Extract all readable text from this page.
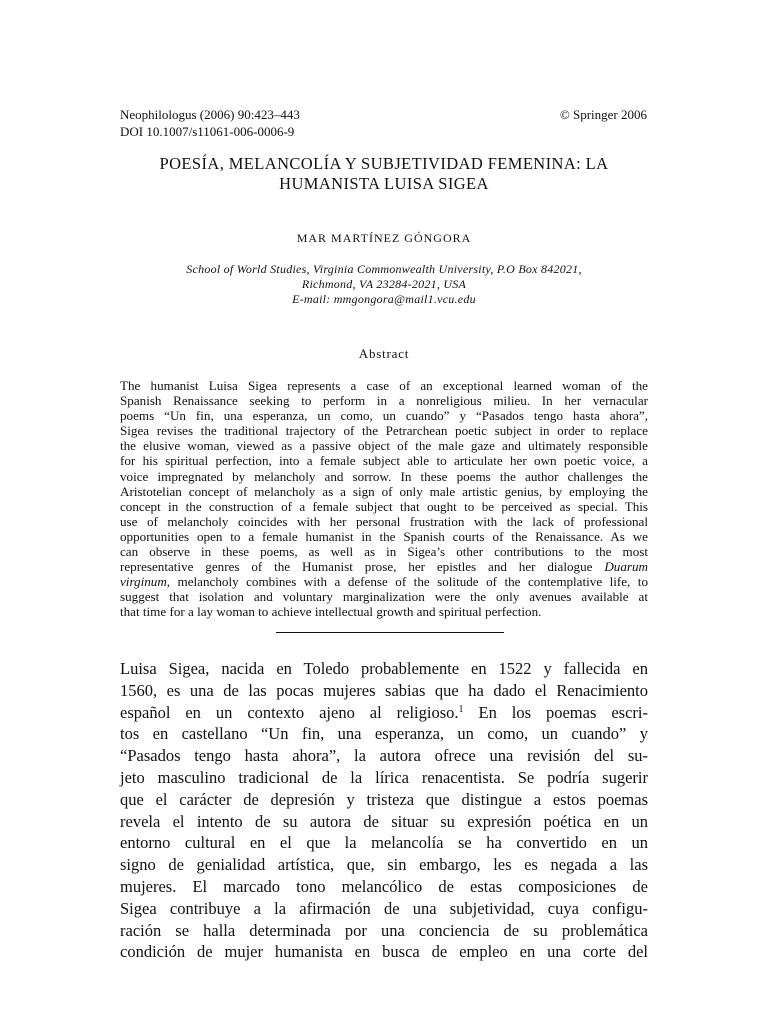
Neophilologus (2006) 90:423–443
DOI 10.1007/s11061-006-0006-9
© Springer 2006
POESÍA, MELANCOLÍA Y SUBJETIVIDAD FEMENINA: LA
HUMANISTA LUISA SIGEA
MAR MARTÍNEZ GÓNGORA
School of World Studies, Virginia Commonwealth University, P.O Box 842021,
Richmond, VA 23284-2021, USA
E-mail: mmgongora@mail1.vcu.edu
Abstract
The humanist Luisa Sigea represents a case of an exceptional learned woman of the
Spanish Renaissance seeking to perform in a nonreligious milieu. In her vernacular
poems “Un fin, una esperanza, un como, un cuando” y “Pasados tengo hasta ahora”,
Sigea revises the traditional trajectory of the Petrarchean poetic subject in order to replace
the elusive woman, viewed as a passive object of the male gaze and ultimately responsible
for his spiritual perfection, into a female subject able to articulate her own poetic voice, a
voice impregnated by melancholy and sorrow. In these poems the author challenges the
Aristotelian concept of melancholy as a sign of only male artistic genius, by employing the
concept in the construction of a female subject that ought to be perceived as special. This
use of melancholy coincides with her personal frustration with the lack of professional
opportunities open to a female humanist in the Spanish courts of the Renaissance. As we
can observe in these poems, as well as in Sigea’s other contributions to the most
representative genres of the Humanist prose, her epistles and her dialogue Duarum
virginum, melancholy combines with a defense of the solitude of the contemplative life, to
suggest that isolation and voluntary marginalization were the only avenues available at
that time for a lay woman to achieve intellectual growth and spiritual perfection.
Luisa Sigea, nacida en Toledo probablemente en 1522 y fallecida en
1560, es una de las pocas mujeres sabias que ha dado el Renacimiento
español en un contexto ajeno al religioso.$^1$ En los poemas escri-
tos en castellano “Un fin, una esperanza, un como, un cuando” y
“Pasados tengo hasta ahora”, la autora ofrece una revisión del su-
jeto masculino tradicional de la lírica renacentista. Se podría sugerir
que el carácter de depresión y tristeza que distingue a estos poemas
revela el intento de su autora de situar su expresión poética en un
entorno cultural en el que la melancolía se ha convertido en un
signo de genialidad artística, que, sin embargo, les es negada a las
mujeres. El marcado tono melancólico de estas composiciones de
Sigea contribuye a la afirmación de una subjetividad, cuya configu-
ración se halla determinada por una conciencia de su problemática
condición de mujer humanista en busca de empleo en una corte del
